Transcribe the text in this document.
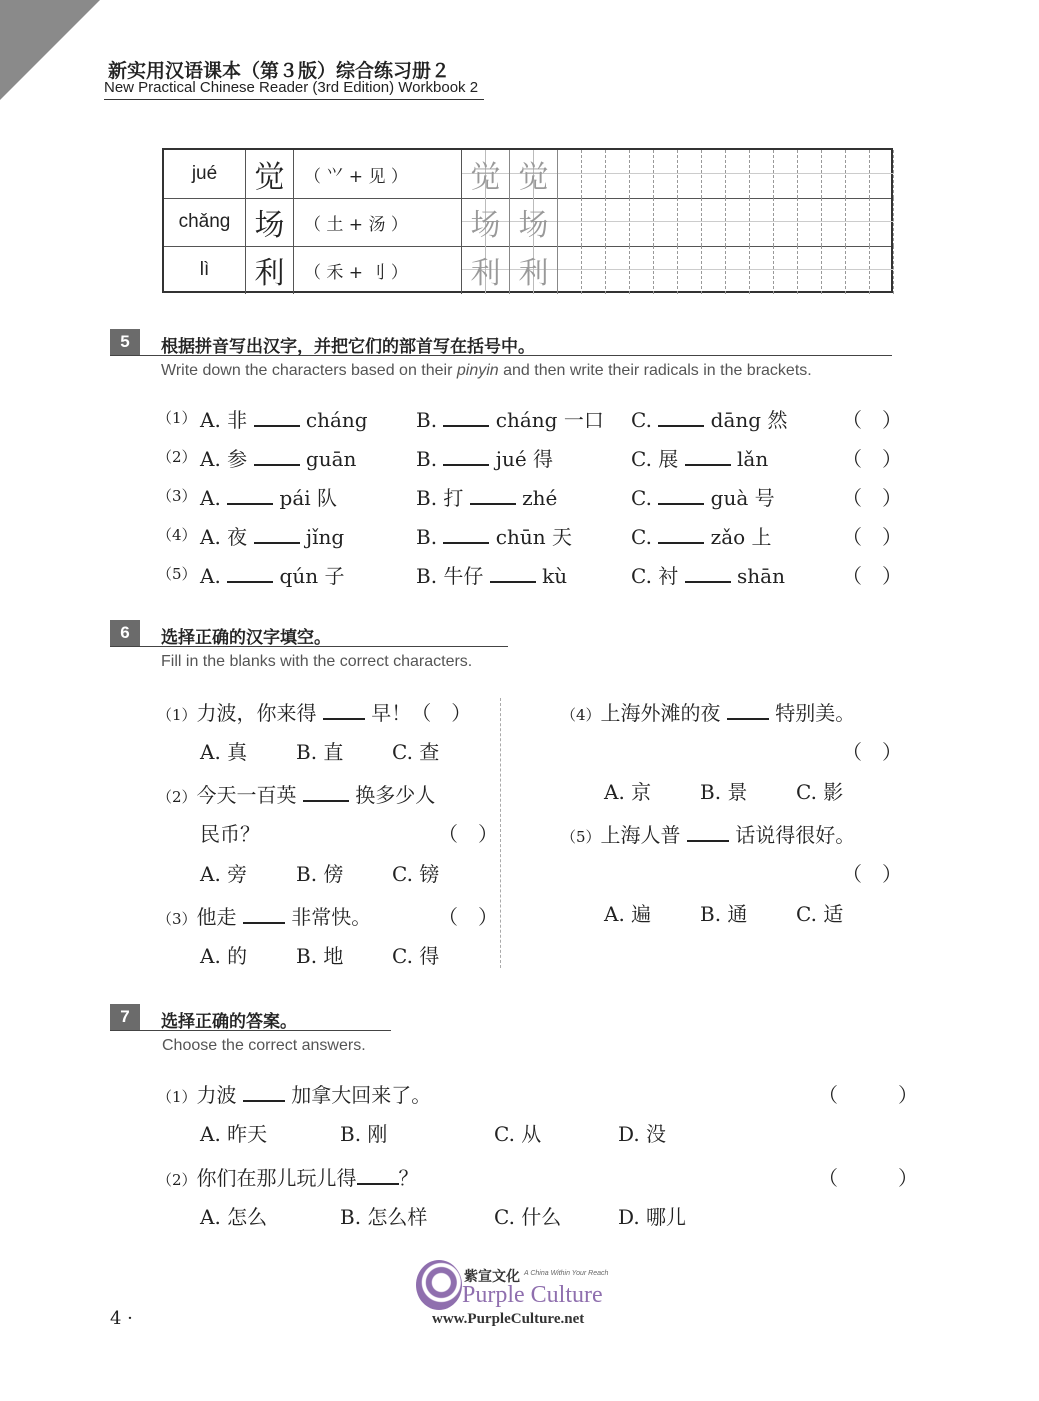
新实用汉语课本（第３版）综合练习册２
New Practical Chinese Reader (3rd Edition) Workbook 2
jué	觉	（ ⺍ + 见 ）	觉 觉
chǎng 场	（ 土 + 汤 ）	场 场
lì	利	（ 禾 + 刂 ）	利 利
5	根据拼音写出汉字，并把它们的部首写在括号中。
Write down the characters based on their pinyin and then write their radicals in the brackets.
（1） A. 非	cháng B.	cháng 一口 C.	dāng 然	（　）
（2） A. 参	guān	B.	jué 得	C. 展	lǎn	（　）
（3） A.	pái 队	B. 打	zhé	C.	guà 号	（　）
（4） A. 夜	jǐng	B.	chūn 天	C.	zǎo 上	（　）
（5） A.	qún 子	B. 牛仔	kù	C. 衬	shān	（　）
6	选择正确的汉字填空。
Fill in the blanks with the correct characters.
（1）力波，你来得	早！（　）
A. 真 B. 直 C. 查
（2）今天一百英	换多少人
民币？	（　）
A. 旁 B. 傍 C. 镑
（3）他走	非常快。	（　）
A. 的 B. 地 C. 得
（4）上海外滩的夜	特别美。
（　）
A. 京 B. 景 C. 影
（5）上海人普	话说得很好。
（　）
A. 遍 B. 通 C. 适
7	选择正确的答案。
Choose the correct answers.
（1）力波	加拿大回来了。	（　　　）
A. 昨天	B. 刚	C. 从	D. 没
（2）你们在那儿玩儿得 ？	（　　　）
A. 怎么	B. 怎么样	C. 什么	D. 哪儿
4 ·
紫宣文化 A China Within Your Reach
Purple Culture
www.PurpleCulture.net
